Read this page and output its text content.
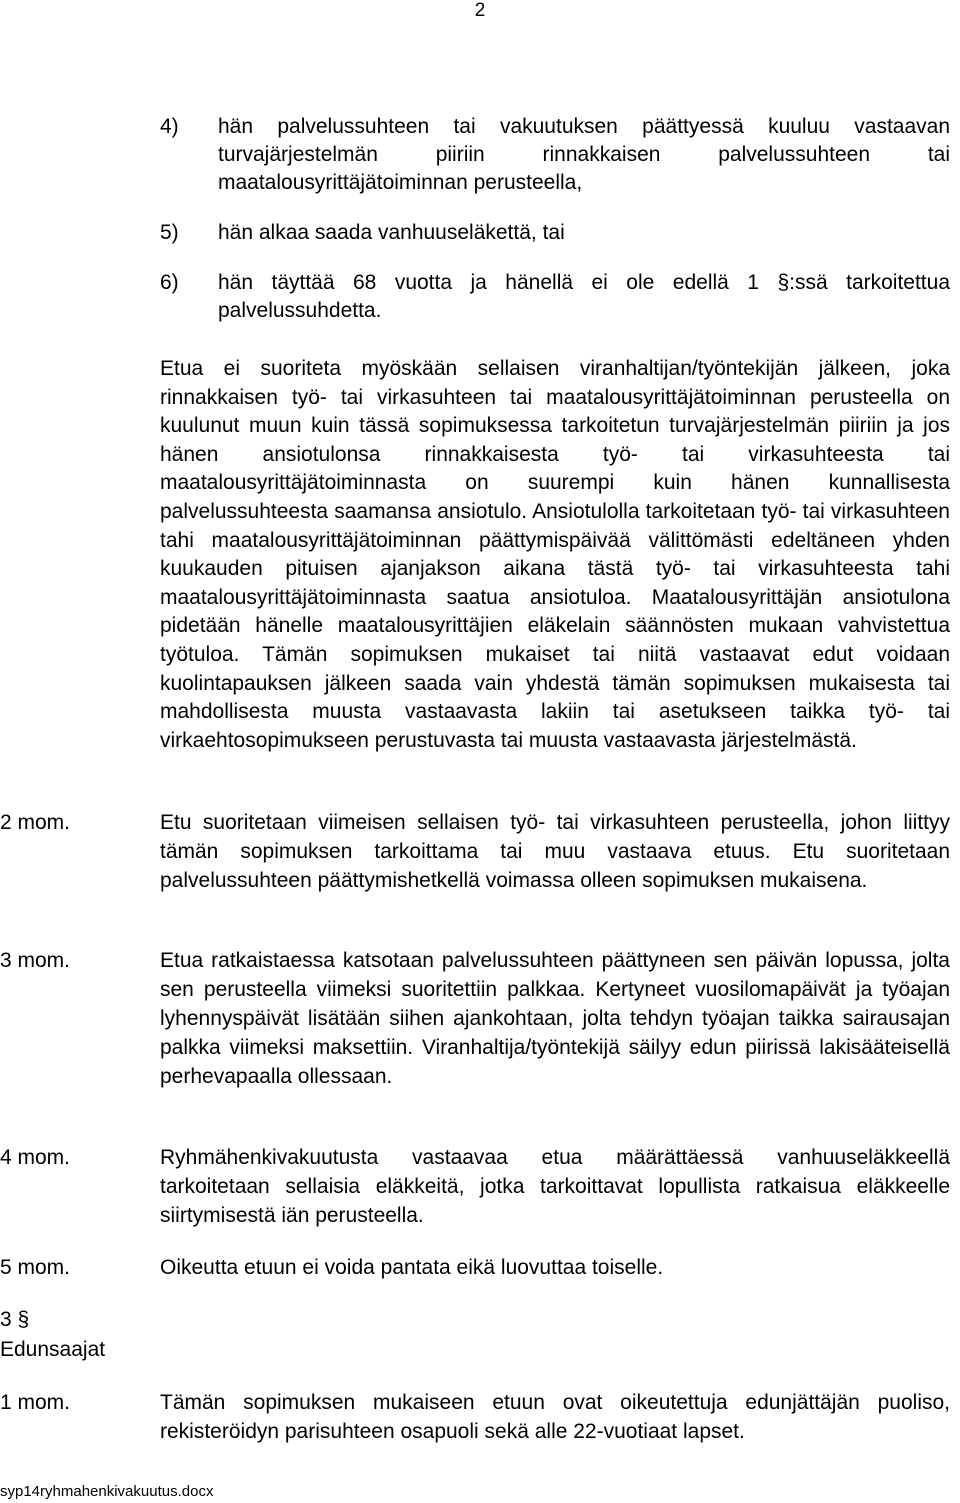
2
4)	hän palvelussuhteen tai vakuutuksen päättyessä kuuluu vastaavan turvajärjestelmän piiriin rinnakkaisen palvelussuhteen tai maatalousyrittäjätoiminnan perusteella,
5)	hän alkaa saada vanhuuseläkettä, tai
6)	hän täyttää 68 vuotta ja hänellä ei ole edellä 1 §:ssä tarkoitettua palvelussuhdetta.

Etua ei suoriteta myöskään sellaisen viranhaltijan/työntekijän jälkeen, joka rinnakkaisen työ- tai virkasuhteen tai maatalousyrittäjätoiminnan perusteella on kuulunut muun kuin tässä sopimuksessa tarkoitetun turvajärjestelmän piiriin ja jos hänen ansiotulonsa rinnakkaisesta työ- tai virkasuhteesta tai maatalousyrittäjätoiminnasta on suurempi kuin hänen kunnallisesta palvelussuhteesta saamansa ansiotulo. Ansiotulolla tarkoitetaan työ- tai virkasuhteen tahi maatalousyrittäjätoiminnan päättymispäivää välittömästi edeltäneen yhden kuukauden pituisen ajanjakson aikana tästä työ- tai virkasuhteesta tahi maatalousyrittäjätoiminnasta saatua ansiotuloa. Maatalousyrittäjän ansiotulona pidetään hänelle maatalousyrittäjien eläkelain säännösten mukaan vahvistettua työtuloa. Tämän sopimuksen mukaiset tai niitä vastaavat edut voidaan kuolintapauksen jälkeen saada vain yhdestä tämän sopimuksen mukaisesta tai mahdollisesta muusta vastaavasta lakiin tai asetukseen taikka työ- tai virkaehtosopimukseen perustuvasta tai muusta vastaavasta järjestelmästä.

2 mom.	Etu suoritetaan viimeisen sellaisen työ- tai virkasuhteen perusteella, johon liittyy tämän sopimuksen tarkoittama tai muu vastaava etuus. Etu suoritetaan palvelussuhteen päättymishetkellä voimassa olleen sopimuksen mukaisena.
3 mom.	Etua ratkaistaessa katsotaan palvelussuhteen päättyneen sen päivän lopussa, jolta sen perusteella viimeksi suoritettiin palkkaa. Kertyneet vuosilomapäivät ja työajan lyhennyspäivät lisätään siihen ajankohtaan, jolta tehdyn työajan taikka sairausajan palkka viimeksi maksettiin. Viranhaltija/työntekijä säilyy edun piirissä lakisääteisellä perhevapaalla ollessaan.
4 mom.	Ryhmähenkivakuutusta vastaavaa etua määrättäessä vanhuuseläkkeellä tarkoitetaan sellaisia eläkkeitä, jotka tarkoittavat lopullista ratkaisua eläkkeelle siirtymisestä iän perusteella.
5 mom.	Oikeutta etuun ei voida pantata eikä luovuttaa toiselle.
3 §
Edunsaajat
1 mom.	Tämän sopimuksen mukaiseen etuun ovat oikeutettuja edunjättäjän puoliso, rekisteröidyn parisuhteen osapuoli sekä alle 22-vuotiaat lapset.
syp14ryhmahenkivakuutus.docx
